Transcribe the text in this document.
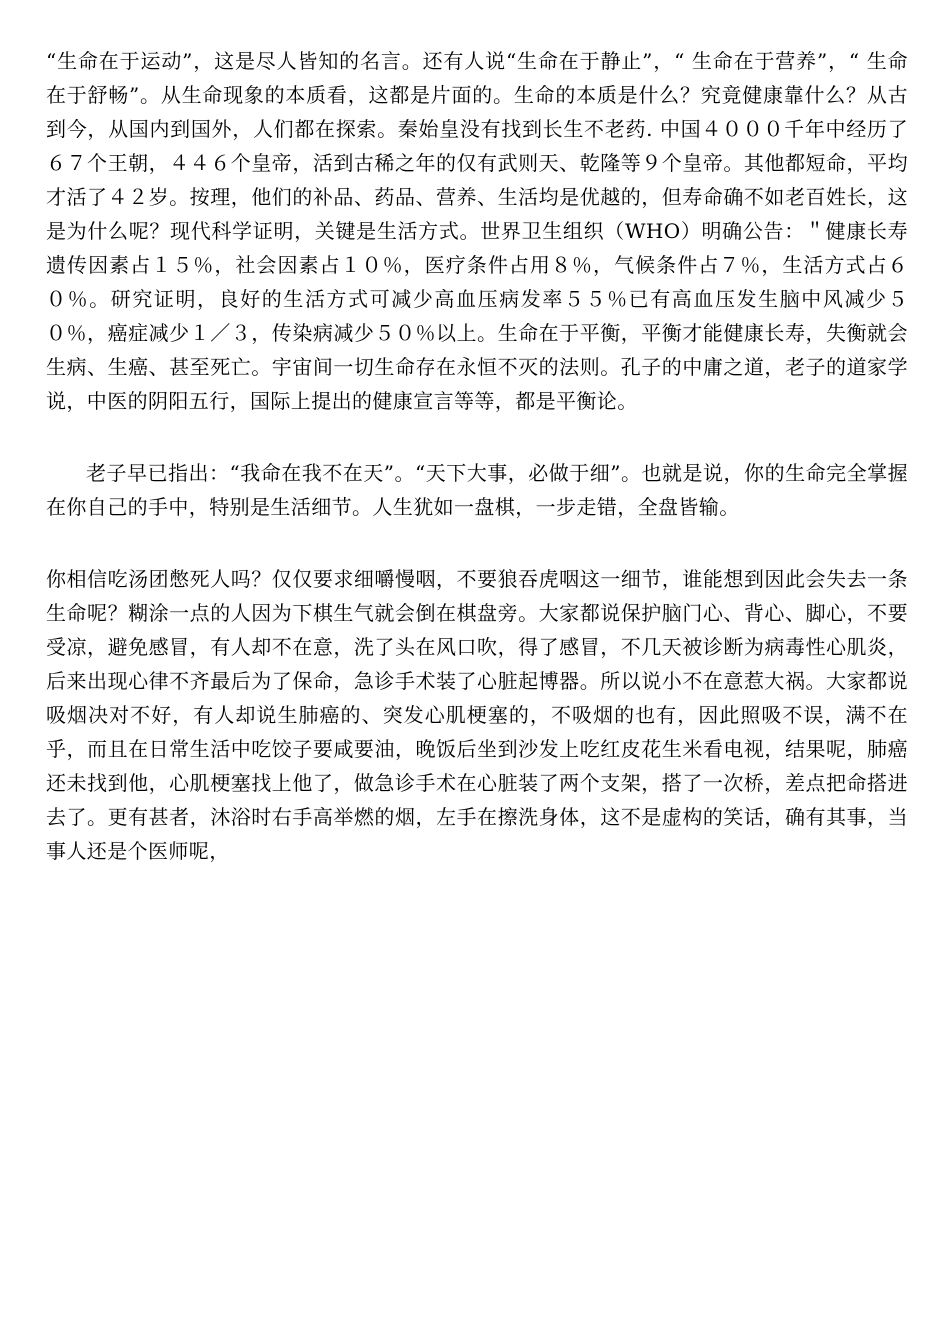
“生命在于运动”，这是尽人皆知的名言。还有人说“生命在于静止”，“ 生命在于营养”，“ 生命在于舒畅”。从生命现象的本质看，这都是片面的。生命的本质是什么？究竟健康靠什么？从古到今，从国内到国外，人们都在探索。秦始皇没有找到长生不老药. 中国４０００千年中经历了６７个王朝，４４６个皇帝，活到古稀之年的仅有武则天、乾隆等９个皇帝。其他都短命，平均才活了４２岁。按理，他们的补品、药品、营养、生活均是优越的，但寿命确不如老百姓长，这是为什么呢？现代科学证明，关键是生活方式。世界卫生组织（WHO）明确公告：＂健康长寿遗传因素占１５％，社会因素占１０％，医疗条件占用８％，气候条件占７％，生活方式占６０％。研究证明，良好的生活方式可减少高血压病发率５５％已有高血压发生脑中风减少５０％，癌症减少１／３，传染病减少５０％以上。生命在于平衡，平衡才能健康长寿，失衡就会生病、生癌、甚至死亡。宇宙间一切生命存在永恒不灭的法则。孔子的中庸之道，老子的道家学说，中医的阴阳五行，国际上提出的健康宣言等等，都是平衡论。

老子早已指出：“我命在我不在天”。“天下大事，必做于细”。也就是说，你的生命完全掌握在你自己的手中，特别是生活细节。人生犹如一盘棋，一步走错，全盘皆输。

你相信吃汤团憋死人吗？仅仅要求细嚼慢咽，不要狼吞虎咽这一细节，谁能想到因此会失去一条生命呢？糊涂一点的人因为下棋生气就会倒在棋盘旁。大家都说保护脑门心、背心、脚心，不要受凉，避免感冒，有人却不在意，洗了头在风口吹，得了感冒，不几天被诊断为病毒性心肌炎，后来出现心律不齐最后为了保命，急诊手术装了心脏起博器。所以说小不在意惹大祸。大家都说吸烟决对不好，有人却说生肺癌的、突发心肌梗塞的，不吸烟的也有，因此照吸不误，满不在乎，而且在日常生活中吃饺子要咸要油，晚饭后坐到沙发上吃红皮花生米看电视，结果呢，肺癌还未找到他，心肌梗塞找上他了，做急诊手术在心脏装了两个支架，搭了一次桥，差点把命搭进去了。更有甚者，沐浴时右手高举燃的烟，左手在擦洗身体，这不是虚构的笑话，确有其事，当事人还是个医师呢，
